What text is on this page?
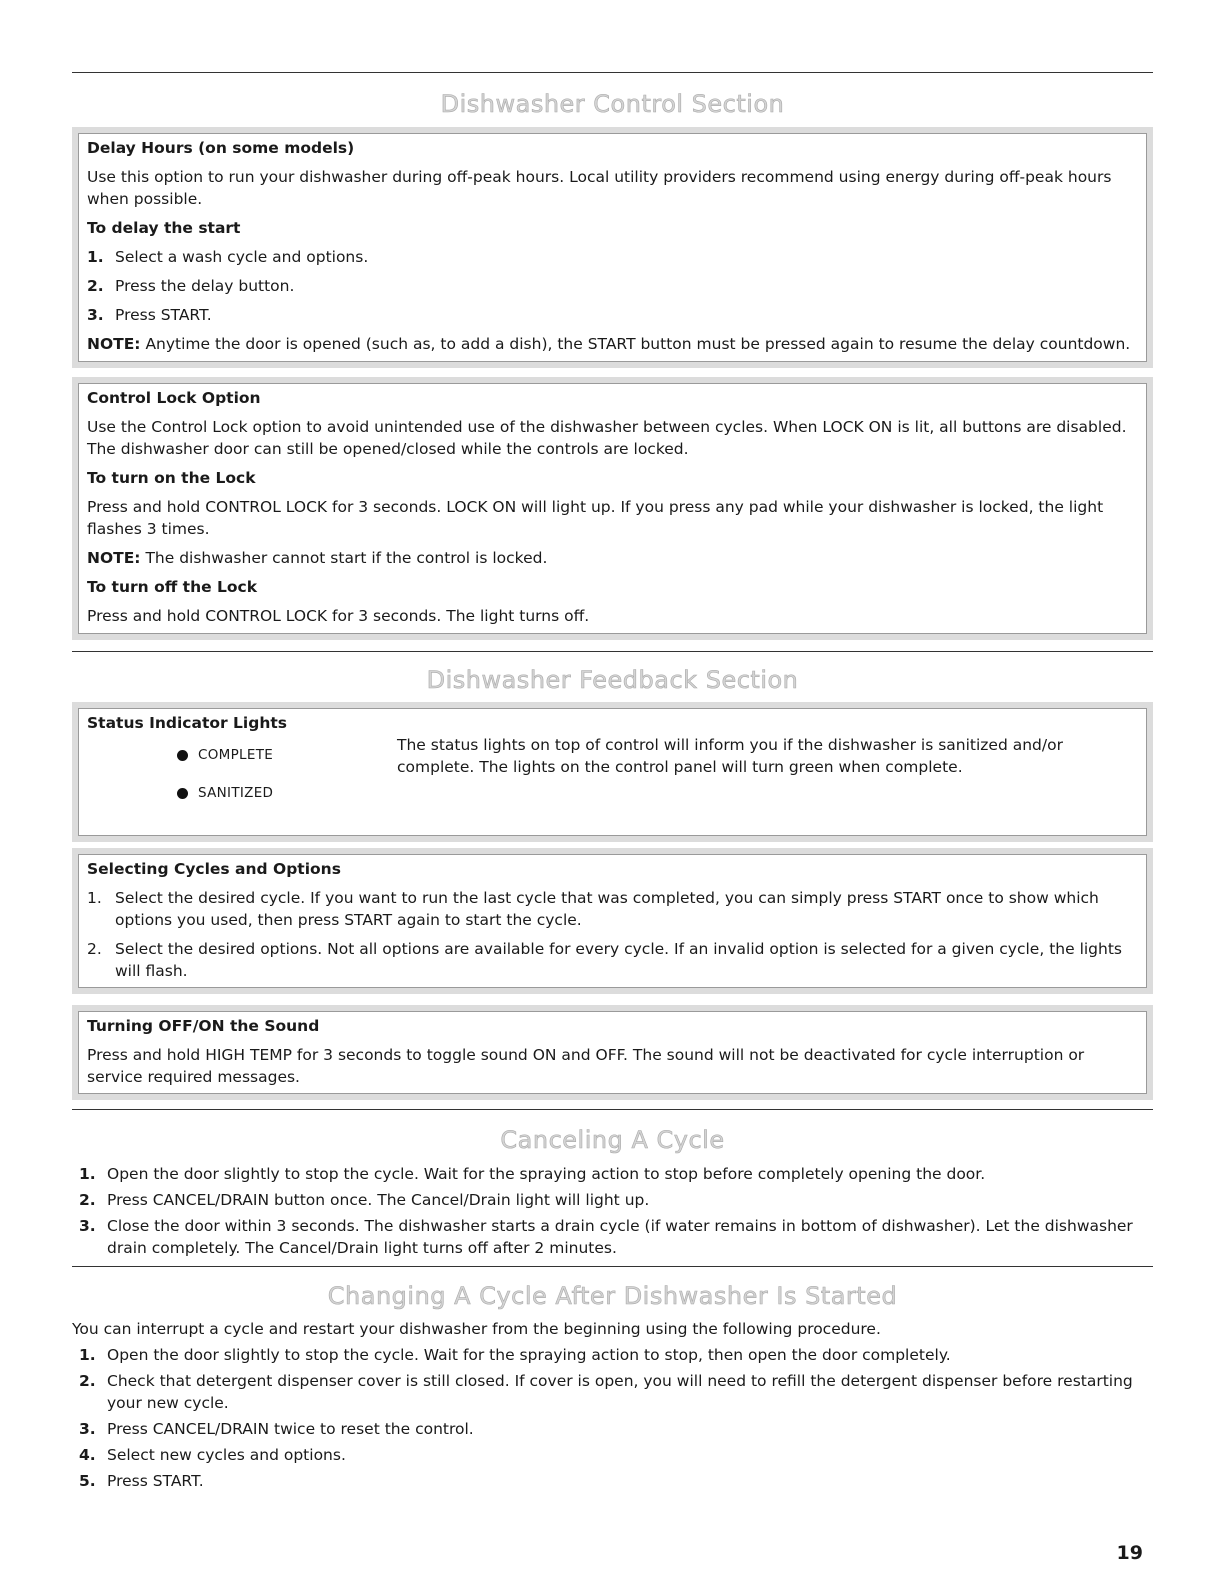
Dishwasher Control Section
Delay Hours (on some models)

Use this option to run your dishwasher during off-peak hours. Local utility providers recommend using energy during off-peak hours when possible.

To delay the start
1. Select a wash cycle and options.
2. Press the delay button.
3. Press START.

NOTE: Anytime the door is opened (such as, to add a dish), the START button must be pressed again to resume the delay countdown.

Control Lock Option

Use the Control Lock option to avoid unintended use of the dishwasher between cycles. When LOCK ON is lit, all buttons are disabled. The dishwasher door can still be opened/closed while the controls are locked.

To turn on the Lock

Press and hold CONTROL LOCK for 3 seconds. LOCK ON will light up. If you press any pad while your dishwasher is locked, the light flashes 3 times.

NOTE: The dishwasher cannot start if the control is locked.

To turn off the Lock

Press and hold CONTROL LOCK for 3 seconds. The light turns off.

Dishwasher Feedback Section
Status Indicator Lights
COMPLETE
SANITIZED
The status lights on top of control will inform you if the dishwasher is sanitized and/or complete. The lights on the control panel will turn green when complete.
Selecting Cycles and Options
1. Select the desired cycle. If you want to run the last cycle that was completed, you can simply press START once to show which options you used, then press START again to start the cycle.
2. Select the desired options. Not all options are available for every cycle. If an invalid option is selected for a given cycle, the lights will flash.
Turning OFF/ON the Sound

Press and hold HIGH TEMP for 3 seconds to toggle sound ON and OFF. The sound will not be deactivated for cycle interruption or service required messages.

Canceling A Cycle
1. Open the door slightly to stop the cycle. Wait for the spraying action to stop before completely opening the door.
2. Press CANCEL/DRAIN button once. The Cancel/Drain light will light up.
3. Close the door within 3 seconds. The dishwasher starts a drain cycle (if water remains in bottom of dishwasher). Let the dishwasher drain completely. The Cancel/Drain light turns off after 2 minutes.
Changing A Cycle After Dishwasher Is Started

You can interrupt a cycle and restart your dishwasher from the beginning using the following procedure.

1. Open the door slightly to stop the cycle. Wait for the spraying action to stop, then open the door completely.
2. Check that detergent dispenser cover is still closed. If cover is open, you will need to refill the detergent dispenser before restarting your new cycle.
3. Press CANCEL/DRAIN twice to reset the control.
4. Select new cycles and options.
5. Press START.
19
